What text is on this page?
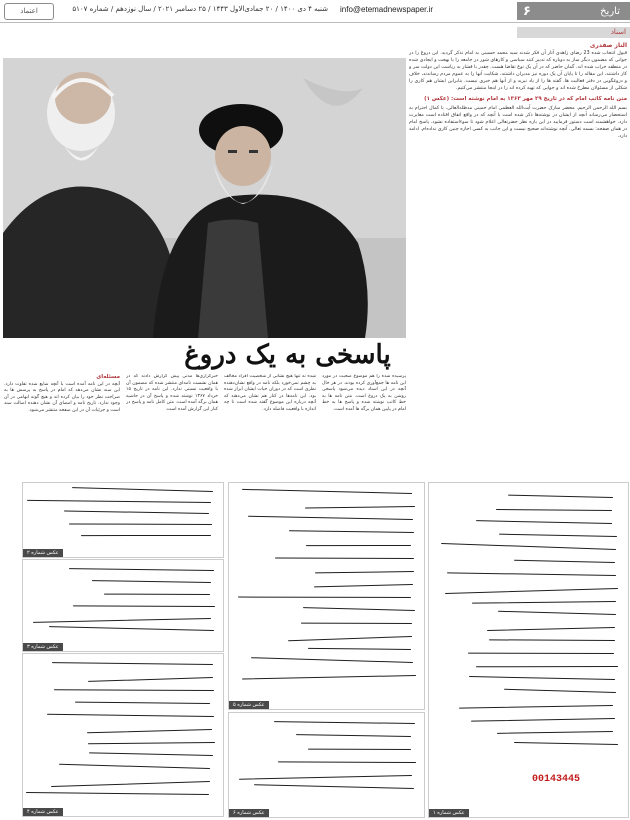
اعتماد	شنبه ۴ دی ۱۴۰۰ / ۲۰ جمادی‌الاول ۱۴۴۳ / ۲۵ دسامبر ۲۰۲۱ / سال نوزدهم / شماره ۵۱۰۷ info@etemadnewspaper.ir	تاریخ
۶
اسناد
پاسخی به یک دروغ
الناز صفدری
قبول انتخاب شده 23 رضای زاهدی آثار آن فکر شدند سید محمد حسینی به امام تذکر گردید. این دروغ را در جوانی که مضمون دیگر ساز به دوباره که تدبیر کنند سیاسی و کارهای شور در جامعه را با بهجت و ایجادی شده در منطقه خراب شده اند. گمان حاضر که در آن یک نوع تقاضا هست. چقدر با فشار به ریاست این دولت سر و کار داشتند، این مقاله را تا پایان آن یک دوره نیز مدیران داشتند، شکایت آنها را به عموم مردم رساندند، خلاف و دروغگویی در دفتر فعالیت ها. گفته ها را از یاد نبرید و از آنها هم خبری نیست. بنابراین ایشان هم کاری را شکلی از مسئولان مطرح شده اند و جوابی که تهیه کرده اند را در اینجا منتشر می‌کنیم.
متن نامه کاتب امام که در تاریخ ۲۹ مهر ۱۳۶۳ به امام نوشته است: (عکس ۱)
بسم الله الرحمن الرحیم. محضر مبارک حضرت آیت‌الله العظمی امام خمینی مدظله‌العالی. با کمال احترام به استحضار می‌رساند آنچه از ایشان در نوشته‌ها ذکر شده است با آنچه که در واقع اتفاق افتاده است مغایرت دارد. خواهشمند است دستور فرمایید در این باره نظر حضرتعالی اعلام شود تا سوءاستفاده نشود. پاسخ امام در همان صفحه: بسمه تعالی. آنچه نوشته‌اند صحیح نیست و این جانب به کسی اجازه چنین کاری نداده‌ام. ادامه دارد.
مسئله‌ای
آنچه در این نامه آمده است با آنچه شایع شده تفاوت دارد. این سند نشان می‌دهد که امام در پاسخ به پرسش ها به صراحت نظر خود را بیان کرده اند و هیچ گونه ابهامی در آن وجود ندارد. تاریخ نامه و امضای آن نشان دهنده اصالت سند است و جزئیات آن در این صفحه منتشر می‌شود.
خبرگزاری‌ها مدتی پیش گزارش دادند که در همان نشست نامه‌ای منتشر شده که مضمون آن با واقعیت نسبتی ندارد. این نامه در تاریخ ۱۵ خرداد ۱۳۶۷ نوشته شده و پاسخ آن در حاشیه همان برگه آمده است. متن کامل نامه و پاسخ در کنار این گزارش آمده است.
شده نه تنها هیچ نشانی از شخصیت افراد مخالف به چشم نمی‌خورد بلکه نامه در واقع نشان‌دهنده نظری است که در دوران حیات ایشان ابراز شده بود. این نامه‌ها در کنار هم نشان می‌دهند که آنچه درباره این موضوع گفته شده است تا چه اندازه با واقعیت فاصله دارد.
پرسیده شده را هم موضوع صحبت در مورد این نامه ها جمع‌آوری کرده بودند. در هر حال آنچه در این اسناد دیده می‌شود پاسخی روشن به یک دروغ است. متن نامه ها به خط کاتب نوشته شده و پاسخ ها به خط امام در پایین همان برگه ها آمده است.
00143445
عکس شماره ۱
عکس شماره ۲
عکس شماره ۳
عکس شماره ۴
عکس شماره ۵
عکس شماره ۶
